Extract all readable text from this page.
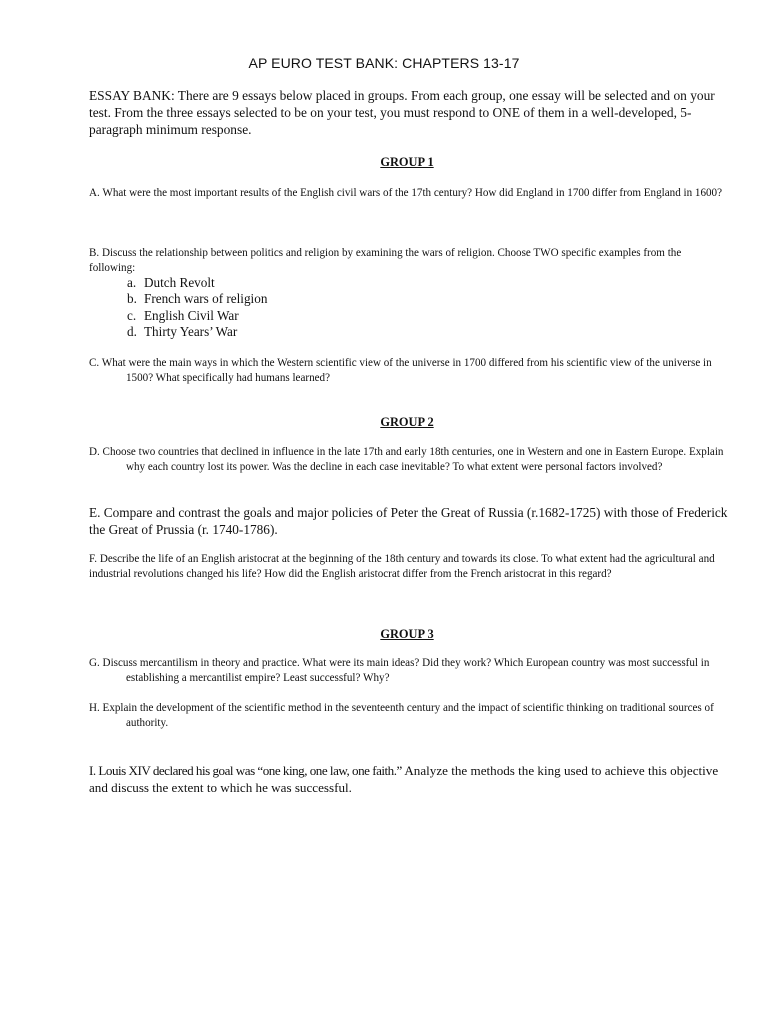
AP EURO TEST BANK: CHAPTERS 13-17
ESSAY BANK: There are 9 essays below placed in groups. From each group, one essay will be selected and on your test. From the three essays selected to be on your test, you must respond to ONE of them in a well-developed, 5-paragraph minimum response.
GROUP 1
A. What were the most important results of the English civil wars of the 17th century? How did England in 1700 differ from England in 1600?
B. Discuss the relationship between politics and religion by examining the wars of religion. Choose TWO specific examples from the following:
a. Dutch Revolt
b. French wars of religion
c. English Civil War
d. Thirty Years’ War
C. What were the main ways in which the Western scientific view of the universe in 1700 differed from his scientific view of the universe in 1500? What specifically had humans learned?
GROUP 2
D. Choose two countries that declined in influence in the late 17th and early 18th centuries, one in Western and one in Eastern Europe. Explain why each country lost its power. Was the decline in each case inevitable? To what extent were personal factors involved?
E. Compare and contrast the goals and major policies of Peter the Great of Russia (r.1682-1725) with those of Frederick the Great of Prussia (r. 1740-1786).
F. Describe the life of an English aristocrat at the beginning of the 18th century and towards its close. To what extent had the agricultural and industrial revolutions changed his life? How did the English aristocrat differ from the French aristocrat in this regard?
GROUP 3
G. Discuss mercantilism in theory and practice. What were its main ideas? Did they work? Which European country was most successful in establishing a mercantilist empire? Least successful? Why?
H. Explain the development of the scientific method in the seventeenth century and the impact of scientific thinking on traditional sources of authority.
I. Louis XIV declared his goal was “one king, one law, one faith.” Analyze the methods the king used to achieve this objective and discuss the extent to which he was successful.
